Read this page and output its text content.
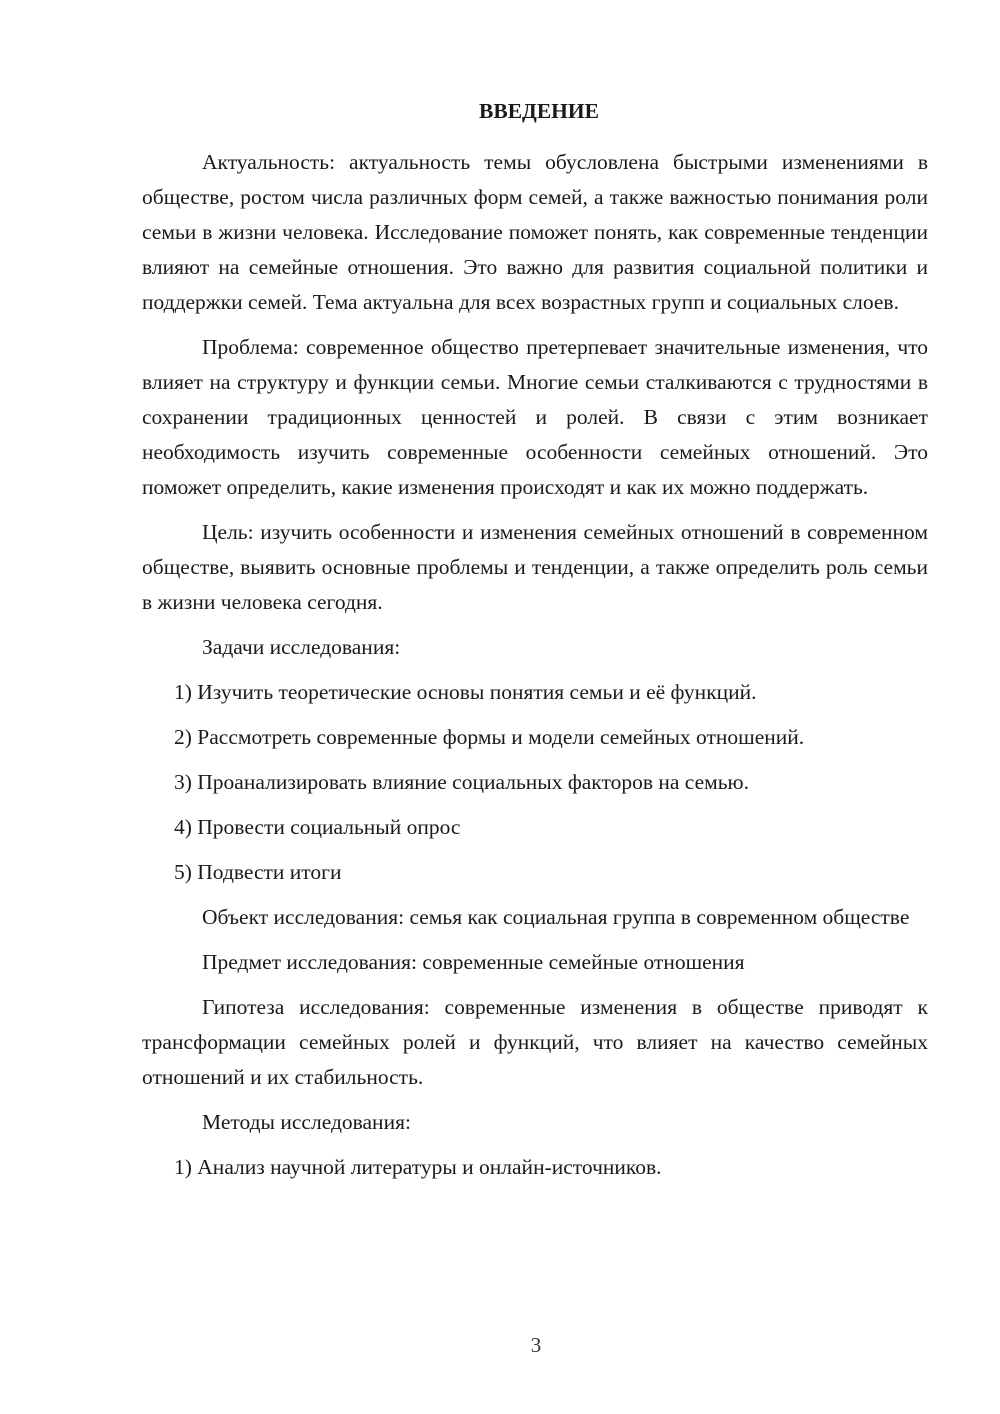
ВВЕДЕНИЕ

Актуальность: актуальность темы обусловлена быстрыми изменениями в обществе, ростом числа различных форм семей, а также важностью понимания роли семьи в жизни человека. Исследование поможет понять, как современные тенденции влияют на семейные отношения. Это важно для развития социальной политики и поддержки семей. Тема актуальна для всех возрастных групп и социальных слоев.

Проблема: современное общество претерпевает значительные изменения, что влияет на структуру и функции семьи. Многие семьи сталкиваются с трудностями в сохранении традиционных ценностей и ролей. В связи с этим возникает необходимость изучить современные особенности семейных отношений. Это поможет определить, какие изменения происходят и как их можно поддержать.

Цель: изучить особенности и изменения семейных отношений в современном обществе, выявить основные проблемы и тенденции, а также определить роль семьи в жизни человека сегодня.

Задачи исследования:

1) Изучить теоретические основы понятия семьи и её функций.
2) Рассмотреть современные формы и модели семейных отношений.
3) Проанализировать влияние социальных факторов на семью.
4) Провести социальный опрос
5) Подвести итоги

Объект исследования: семья как социальная группа в современном обществе

Предмет исследования: современные семейные отношения

Гипотеза исследования: современные изменения в обществе приводят к трансформации семейных ролей и функций, что влияет на качество семейных отношений и их стабильность.

Методы исследования:

1) Анализ научной литературы и онлайн-источников.
3
